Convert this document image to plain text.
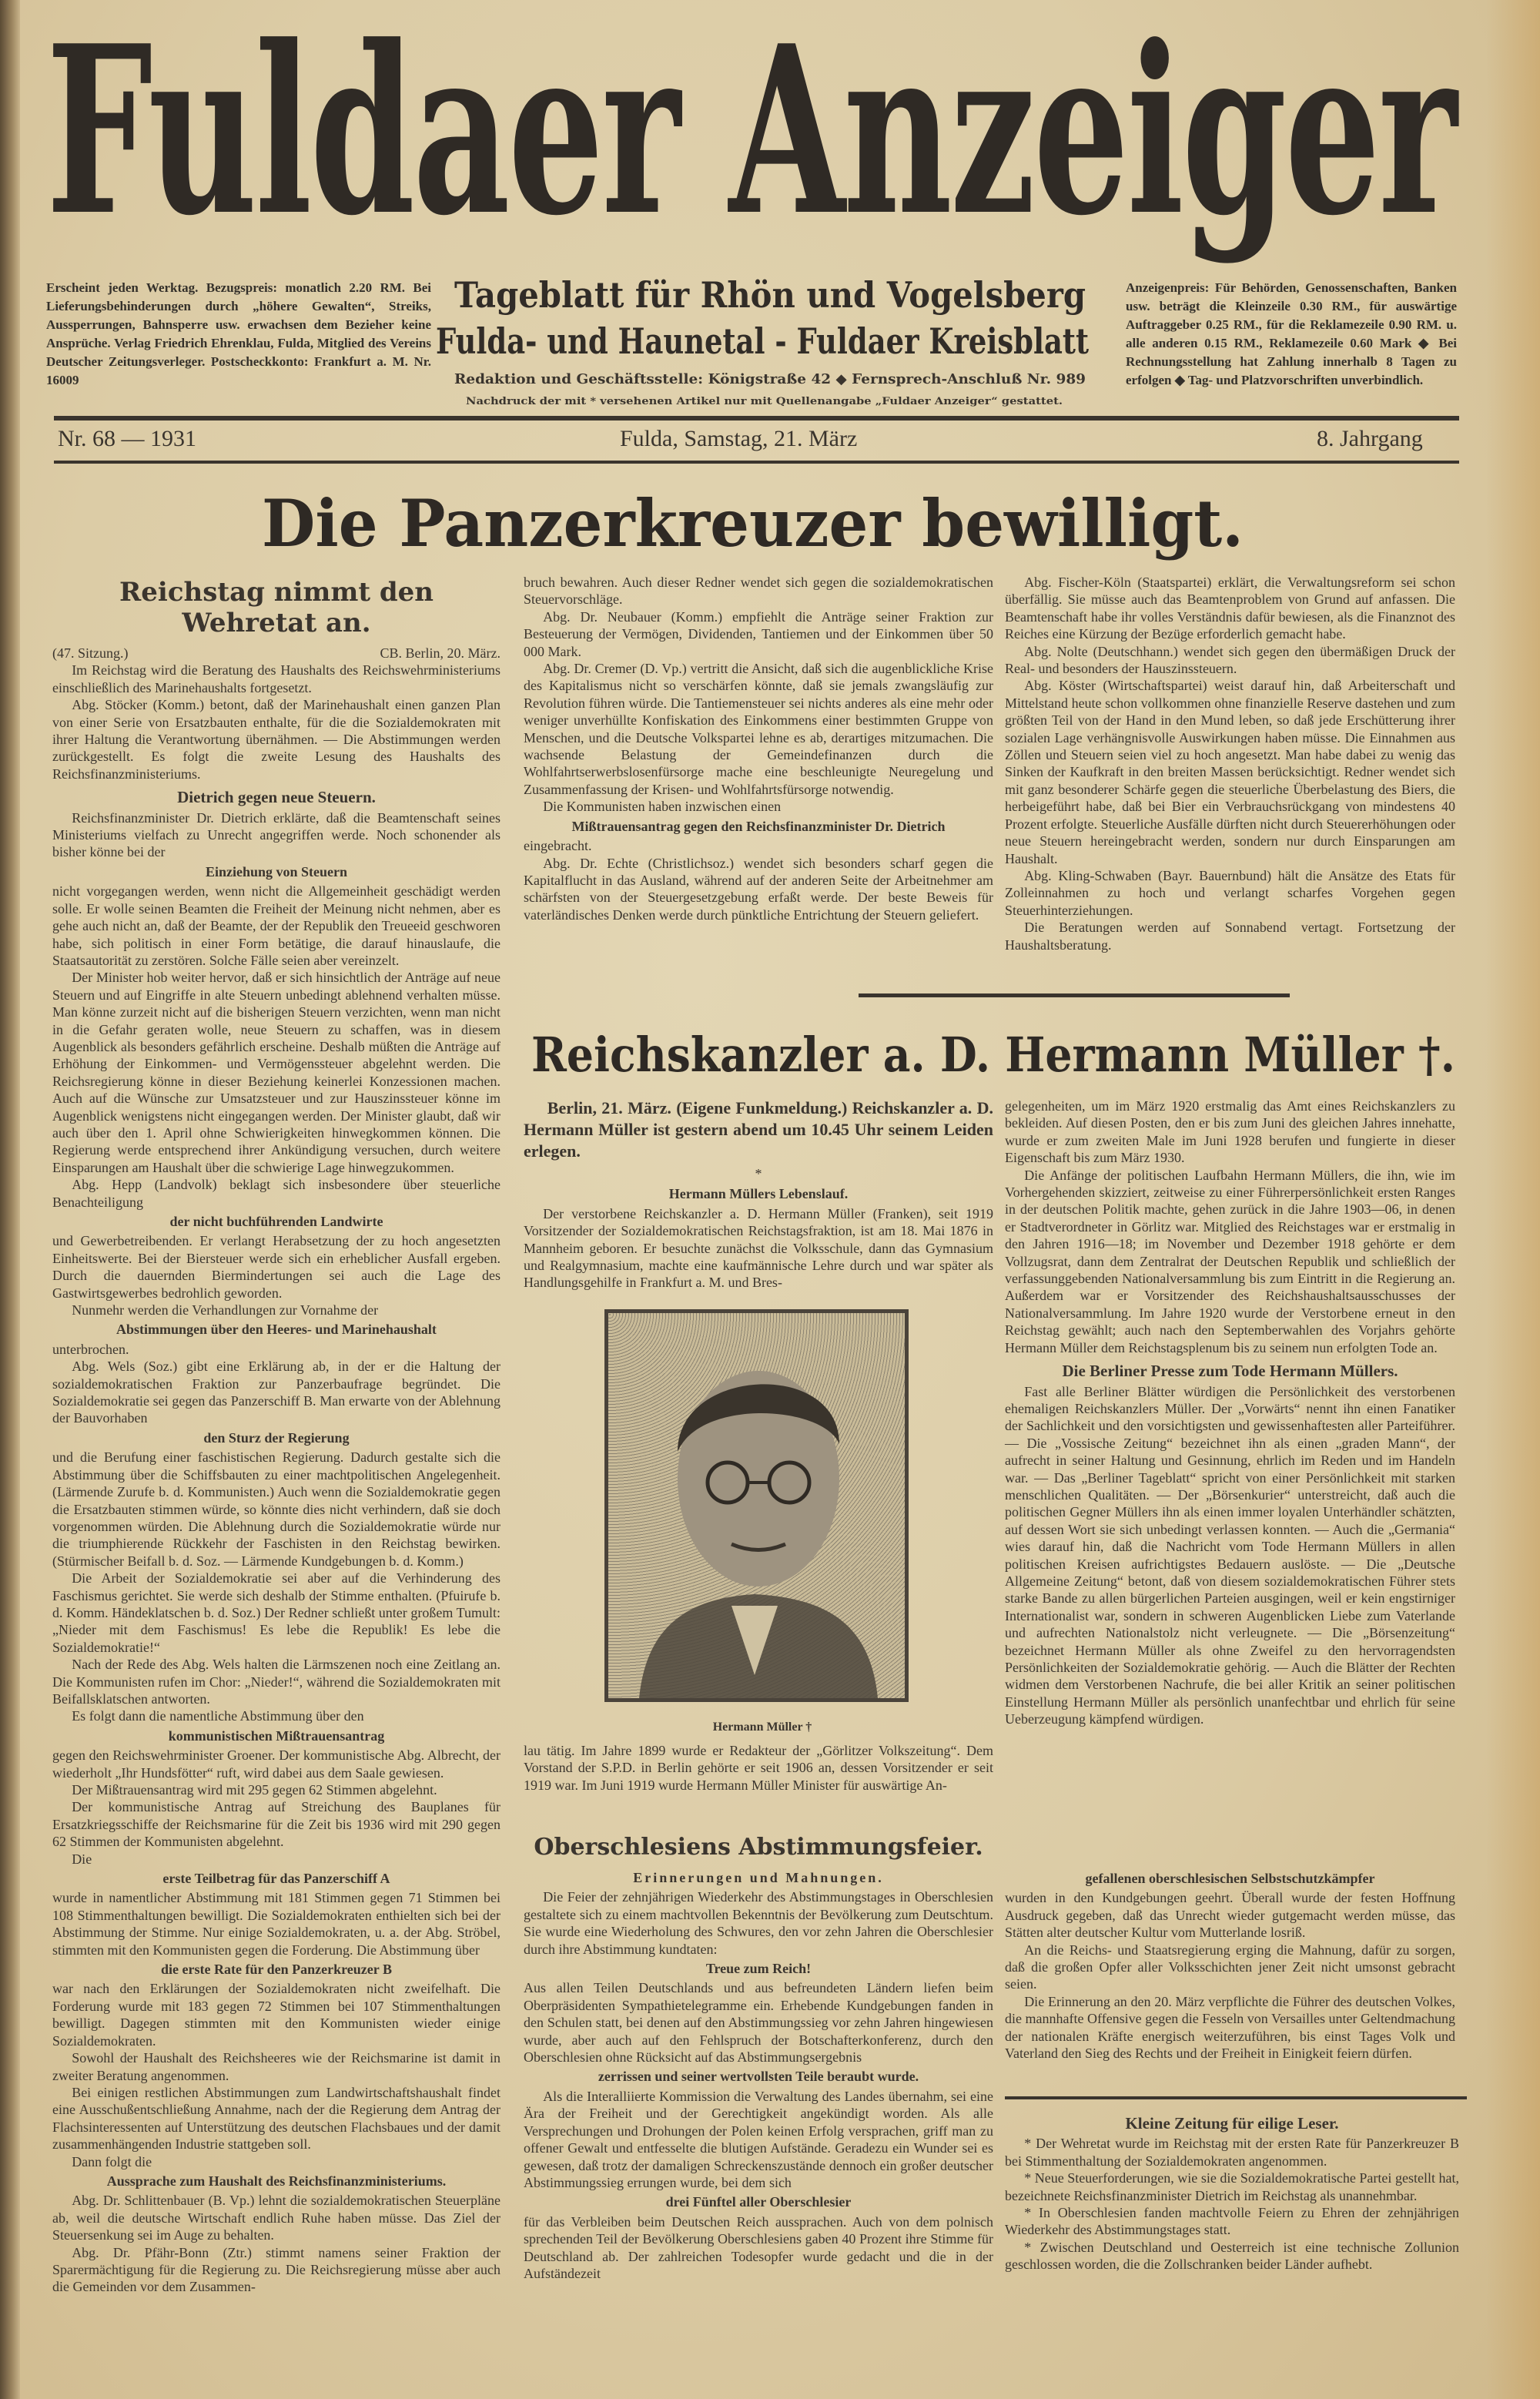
Fuldaer Anzeiger
Erscheint jeden Werktag. Bezugspreis: monatlich 2.20 RM. Bei Lieferungsbehinderungen durch „höhere Gewalten“, Streiks, Aussperrungen, Bahnsperre usw. erwachsen dem Bezieher keine Ansprüche. Verlag Friedrich Ehrenklau, Fulda, Mitglied des Vereins Deutscher Zeitungsverleger. Postscheckkonto: Frankfurt a. M. Nr. 16009
Tageblatt für Rhön und Vogelsberg
Fulda- und Haunetal - Fuldaer Kreisblatt
Redaktion und Geschäftsstelle: Königstraße 42 ◆ Fernsprech-Anschluß Nr. 989
Nachdruck der mit * versehenen Artikel nur mit Quellenangabe „Fuldaer Anzeiger“ gestattet.
Anzeigenpreis: Für Behörden, Genossenschaften, Banken usw. beträgt die Kleinzeile 0.30 RM., für auswärtige Auftraggeber 0.25 RM., für die Reklamezeile 0.90 RM. u. alle anderen 0.15 RM., Reklamezeile 0.60 Mark ◆ Bei Rechnungsstellung hat Zahlung innerhalb 8 Tagen zu erfolgen ◆ Tag- und Platzvorschriften unverbindlich.
Nr. 68 — 1931	Fulda, Samstag, 21. März	8. Jahrgang
Die Panzerkreuzer bewilligt.
Reichstag nimmt den Wehretat an.
(47. Sitzung.)	CB. Berlin, 20. März.

Im Reichstag wird die Beratung des Haushalts des Reichswehrministeriums einschließlich des Marinehaushalts fortgesetzt.

Abg. Stöcker (Komm.) betont, daß der Marinehaushalt einen ganzen Plan von einer Serie von Ersatzbauten enthalte, für die die Sozialdemokraten mit ihrer Haltung die Verantwortung übernähmen. — Die Abstimmungen werden zurückgestellt. Es folgt die zweite Lesung des Haushalts des Reichsfinanzministeriums.

Dietrich gegen neue Steuern.

Reichsfinanzminister Dr. Dietrich erklärte, daß die Beamtenschaft seines Ministeriums vielfach zu Unrecht angegriffen werde. Noch schonender als bisher könne bei der

Einziehung von Steuern

nicht vorgegangen werden, wenn nicht die Allgemeinheit geschädigt werden solle. Er wolle seinen Beamten die Freiheit der Meinung nicht nehmen, aber es gehe auch nicht an, daß der Beamte, der der Republik den Treueeid geschworen habe, sich politisch in einer Form betätige, die darauf hinauslaufe, die Staatsautorität zu zerstören. Solche Fälle seien aber vereinzelt.

Der Minister hob weiter hervor, daß er sich hinsichtlich der Anträge auf neue Steuern und auf Eingriffe in alte Steuern unbedingt ablehnend verhalten müsse. Man könne zurzeit nicht auf die bisherigen Steuern verzichten, wenn man nicht in die Gefahr geraten wolle, neue Steuern zu schaffen, was in diesem Augenblick als besonders gefährlich erscheine. Deshalb müßten die Anträge auf Erhöhung der Einkommen- und Vermögenssteuer abgelehnt werden. Die Reichsregierung könne in dieser Beziehung keinerlei Konzessionen machen. Auch auf die Wünsche zur Umsatzsteuer und zur Hauszinssteuer könne im Augenblick wenigstens nicht eingegangen werden. Der Minister glaubt, daß wir auch über den 1. April ohne Schwierigkeiten hinwegkommen können. Die Regierung werde entsprechend ihrer Ankündigung versuchen, durch weitere Einsparungen am Haushalt über die schwierige Lage hinwegzukommen.

Abg. Hepp (Landvolk) beklagt sich insbesondere über steuerliche Benachteiligung

der nicht buchführenden Landwirte

und Gewerbetreibenden. Er verlangt Herabsetzung der zu hoch angesetzten Einheitswerte. Bei der Biersteuer werde sich ein erheblicher Ausfall ergeben. Durch die dauernden Biermindertungen sei auch die Lage des Gastwirtsgewerbes bedrohlich geworden.

Nunmehr werden die Verhandlungen zur Vornahme der

Abstimmungen über den Heeres- und Marinehaushalt

unterbrochen.

Abg. Wels (Soz.) gibt eine Erklärung ab, in der er die Haltung der sozialdemokratischen Fraktion zur Panzerbaufrage begründet. Die Sozialdemokratie sei gegen das Panzerschiff B. Man erwarte von der Ablehnung der Bauvorhaben

den Sturz der Regierung

und die Berufung einer faschistischen Regierung. Dadurch gestalte sich die Abstimmung über die Schiffsbauten zu einer machtpolitischen Angelegenheit. (Lärmende Zurufe b. d. Kommunisten.) Auch wenn die Sozialdemokratie gegen die Ersatzbauten stimmen würde, so könnte dies nicht verhindern, daß sie doch vorgenommen würden. Die Ablehnung durch die Sozialdemokratie würde nur die triumphierende Rückkehr der Faschisten in den Reichstag bewirken. (Stürmischer Beifall b. d. Soz. — Lärmende Kundgebungen b. d. Komm.)

Die Arbeit der Sozialdemokratie sei aber auf die Verhinderung des Faschismus gerichtet. Sie werde sich deshalb der Stimme enthalten. (Pfuirufe b. d. Komm. Händeklatschen b. d. Soz.) Der Redner schließt unter großem Tumult: „Nieder mit dem Faschismus! Es lebe die Republik! Es lebe die Sozialdemokratie!“

Nach der Rede des Abg. Wels halten die Lärmszenen noch eine Zeitlang an. Die Kommunisten rufen im Chor: „Nieder!“, während die Sozialdemokraten mit Beifallsklatschen antworten.

Es folgt dann die namentliche Abstimmung über den

kommunistischen Mißtrauensantrag

gegen den Reichswehrminister Groener. Der kommunistische Abg. Albrecht, der wiederholt „Ihr Hundsfötter“ ruft, wird dabei aus dem Saale gewiesen.

Der Mißtrauensantrag wird mit 295 gegen 62 Stimmen abgelehnt.

Der kommunistische Antrag auf Streichung des Bauplanes für Ersatzkriegsschiffe der Reichsmarine für die Zeit bis 1936 wird mit 290 gegen 62 Stimmen der Kommunisten abgelehnt.

Die

erste Teilbetrag für das Panzerschiff A

wurde in namentlicher Abstimmung mit 181 Stimmen gegen 71 Stimmen bei 108 Stimmenthaltungen bewilligt. Die Sozialdemokraten enthielten sich bei der Abstimmung der Stimme. Nur einige Sozialdemokraten, u. a. der Abg. Ströbel, stimmten mit den Kommunisten gegen die Forderung. Die Abstimmung über

die erste Rate für den Panzerkreuzer B

war nach den Erklärungen der Sozialdemokraten nicht zweifelhaft. Die Forderung wurde mit 183 gegen 72 Stimmen bei 107 Stimmenthaltungen bewilligt. Dagegen stimmten mit den Kommunisten wieder einige Sozialdemokraten.

Sowohl der Haushalt des Reichsheeres wie der Reichsmarine ist damit in zweiter Beratung angenommen.

Bei einigen restlichen Abstimmungen zum Landwirtschaftshaushalt findet eine Ausschußentschließung Annahme, nach der die Regierung dem Antrag der Flachsinteressenten auf Unterstützung des deutschen Flachsbaues und der damit zusammenhängenden Industrie stattgeben soll.

Dann folgt die

Aussprache zum Haushalt des Reichsfinanzministeriums.

Abg. Dr. Schlittenbauer (B. Vp.) lehnt die sozialdemokratischen Steuerpläne ab, weil die deutsche Wirtschaft endlich Ruhe haben müsse. Das Ziel der Steuersenkung sei im Auge zu behalten.

Abg. Dr. Pfähr-Bonn (Ztr.) stimmt namens seiner Fraktion der Sparermächtigung für die Regierung zu. Die Reichsregierung müsse aber auch die Gemeinden vor dem Zusammen-

bruch bewahren. Auch dieser Redner wendet sich gegen die sozialdemokratischen Steuervorschläge.

Abg. Dr. Neubauer (Komm.) empfiehlt die Anträge seiner Fraktion zur Besteuerung der Vermögen, Dividenden, Tantiemen und der Einkommen über 50 000 Mark.

Abg. Dr. Cremer (D. Vp.) vertritt die Ansicht, daß sich die augenblickliche Krise des Kapitalismus nicht so verschärfen könnte, daß sie jemals zwangsläufig zur Revolution führen würde. Die Tantiemensteuer sei nichts anderes als eine mehr oder weniger unverhüllte Konfiskation des Einkommens einer bestimmten Gruppe von Menschen, und die Deutsche Volkspartei lehne es ab, derartiges mitzumachen. Die wachsende Belastung der Gemeindefinanzen durch die Wohlfahrtserwerbslosenfürsorge mache eine beschleunigte Neuregelung und Zusammenfassung der Krisen- und Wohlfahrtsfürsorge notwendig.

Die Kommunisten haben inzwischen einen

Mißtrauensantrag gegen den Reichsfinanzminister Dr. Dietrich

eingebracht.

Abg. Dr. Echte (Christlichsoz.) wendet sich besonders scharf gegen die Kapitalflucht in das Ausland, während auf der anderen Seite der Arbeitnehmer am schärfsten von der Steuergesetzgebung erfaßt werde. Der beste Beweis für vaterländisches Denken werde durch pünktliche Entrichtung der Steuern geliefert.

Abg. Fischer-Köln (Staatspartei) erklärt, die Verwaltungsreform sei schon überfällig. Sie müsse auch das Beamtenproblem von Grund auf anfassen. Die Beamtenschaft habe ihr volles Verständnis dafür bewiesen, als die Finanznot des Reiches eine Kürzung der Bezüge erforderlich gemacht habe.

Abg. Nolte (Deutschhann.) wendet sich gegen den übermäßigen Druck der Real- und besonders der Hauszinssteuern.

Abg. Köster (Wirtschaftspartei) weist darauf hin, daß Arbeiterschaft und Mittelstand heute schon vollkommen ohne finanzielle Reserve dastehen und zum größten Teil von der Hand in den Mund leben, so daß jede Erschütterung ihrer sozialen Lage verhängnisvolle Auswirkungen haben müsse. Die Einnahmen aus Zöllen und Steuern seien viel zu hoch angesetzt. Man habe dabei zu wenig das Sinken der Kaufkraft in den breiten Massen berücksichtigt. Redner wendet sich mit ganz besonderer Schärfe gegen die steuerliche Überbelastung des Biers, die herbeigeführt habe, daß bei Bier ein Verbrauchsrückgang von mindestens 40 Prozent erfolgte. Steuerliche Ausfälle dürften nicht durch Steuererhöhungen oder neue Steuern hereingebracht werden, sondern nur durch Einsparungen am Haushalt.

Abg. Kling-Schwaben (Bayr. Bauernbund) hält die Ansätze des Etats für Zolleinnahmen zu hoch und verlangt scharfes Vorgehen gegen Steuerhinterziehungen.

Die Beratungen werden auf Sonnabend vertagt. Fortsetzung der Haushaltsberatung.

Reichskanzler a. D. Hermann Müller †.

Berlin, 21. März. (Eigene Funkmeldung.) Reichskanzler a. D. Hermann Müller ist gestern abend um 10.45 Uhr seinem Leiden erlegen.

*
Hermann Müllers Lebenslauf.

Der verstorbene Reichskanzler a. D. Hermann Müller (Franken), seit 1919 Vorsitzender der Sozialdemokratischen Reichstagsfraktion, ist am 18. Mai 1876 in Mannheim geboren. Er besuchte zunächst die Volksschule, dann das Gymnasium und Realgymnasium, machte eine kaufmännische Lehre durch und war später als Handlungsgehilfe in Frankfurt a. M. und Bres-

Hermann Müller †

lau tätig. Im Jahre 1899 wurde er Redakteur der „Görlitzer Volkszeitung“. Dem Vorstand der S.P.D. in Berlin gehörte er seit 1906 an, dessen Vorsitzender er seit 1919 war. Im Juni 1919 wurde Hermann Müller Minister für auswärtige An-

gelegenheiten, um im März 1920 erstmalig das Amt eines Reichskanzlers zu bekleiden. Auf diesen Posten, den er bis zum Juni des gleichen Jahres innehatte, wurde er zum zweiten Male im Juni 1928 berufen und fungierte in dieser Eigenschaft bis zum März 1930.

Die Anfänge der politischen Laufbahn Hermann Müllers, die ihn, wie im Vorhergehenden skizziert, zeitweise zu einer Führerpersönlichkeit ersten Ranges in der deutschen Politik machte, gehen zurück in die Jahre 1903—06, in denen er Stadtverordneter in Görlitz war. Mitglied des Reichstages war er erstmalig in den Jahren 1916—18; im November und Dezember 1918 gehörte er dem Vollzugsrat, dann dem Zentralrat der Deutschen Republik und schließlich der verfassunggebenden Nationalversammlung bis zum Eintritt in die Regierung an. Außerdem war er Vorsitzender des Reichshaushaltsausschusses der Nationalversammlung. Im Jahre 1920 wurde der Verstorbene erneut in den Reichstag gewählt; auch nach den Septemberwahlen des Vorjahrs gehörte Hermann Müller dem Reichstagsplenum bis zu seinem nun erfolgten Tode an.

Die Berliner Presse zum Tode Hermann Müllers.

Fast alle Berliner Blätter würdigen die Persönlichkeit des verstorbenen ehemaligen Reichskanzlers Müller. Der „Vorwärts“ nennt ihn einen Fanatiker der Sachlichkeit und den vorsichtigsten und gewissenhaftesten aller Parteiführer. — Die „Vossische Zeitung“ bezeichnet ihn als einen „graden Mann“, der aufrecht in seiner Haltung und Gesinnung, ehrlich im Reden und im Handeln war. — Das „Berliner Tageblatt“ spricht von einer Persönlichkeit mit starken menschlichen Qualitäten. — Der „Börsenkurier“ unterstreicht, daß auch die politischen Gegner Müllers ihn als einen immer loyalen Unterhändler schätzten, auf dessen Wort sie sich unbedingt verlassen konnten. — Auch die „Germania“ wies darauf hin, daß die Nachricht vom Tode Hermann Müllers in allen politischen Kreisen aufrichtigstes Bedauern auslöste. — Die „Deutsche Allgemeine Zeitung“ betont, daß von diesem sozialdemokratischen Führer stets starke Bande zu allen bürgerlichen Parteien ausgingen, weil er kein engstirniger Internationalist war, sondern in schweren Augenblicken Liebe zum Vaterlande und aufrechten Nationalstolz nicht verleugnete. — Die „Börsenzeitung“ bezeichnet Hermann Müller als ohne Zweifel zu den hervorragendsten Persönlichkeiten der Sozialdemokratie gehörig. — Auch die Blätter der Rechten widmen dem Verstorbenen Nachrufe, die bei aller Kritik an seiner politischen Einstellung Hermann Müller als persönlich unanfechtbar und ehrlich für seine Ueberzeugung kämpfend würdigen.

Oberschlesiens Abstimmungsfeier.
Erinnerungen und Mahnungen.

Die Feier der zehnjährigen Wiederkehr des Abstimmungstages in Oberschlesien gestaltete sich zu einem machtvollen Bekenntnis der Bevölkerung zum Deutschtum. Sie wurde eine Wiederholung des Schwures, den vor zehn Jahren die Oberschlesier durch ihre Abstimmung kundtaten:

Treue zum Reich!

Aus allen Teilen Deutschlands und aus befreundeten Ländern liefen beim Oberpräsidenten Sympathietelegramme ein. Erhebende Kundgebungen fanden in den Schulen statt, bei denen auf den Abstimmungssieg vor zehn Jahren hingewiesen wurde, aber auch auf den Fehlspruch der Botschafterkonferenz, durch den Oberschlesien ohne Rücksicht auf das Abstimmungsergebnis

zerrissen und seiner wertvollsten Teile beraubt wurde.

Als die Interalliierte Kommission die Verwaltung des Landes übernahm, sei eine Ära der Freiheit und der Gerechtigkeit angekündigt worden. Als alle Versprechungen und Drohungen der Polen keinen Erfolg versprachen, griff man zu offener Gewalt und entfesselte die blutigen Aufstände. Geradezu ein Wunder sei es gewesen, daß trotz der damaligen Schreckenszustände dennoch ein großer deutscher Abstimmungssieg errungen wurde, bei dem sich

drei Fünftel aller Oberschlesier

für das Verbleiben beim Deutschen Reich aussprachen. Auch von dem polnisch sprechenden Teil der Bevölkerung Oberschlesiens gaben 40 Prozent ihre Stimme für Deutschland ab. Der zahlreichen Todesopfer wurde gedacht und die in der Aufständezeit

gefallenen oberschlesischen Selbstschutzkämpfer

wurden in den Kundgebungen geehrt. Überall wurde der festen Hoffnung Ausdruck gegeben, daß das Unrecht wieder gutgemacht werden müsse, das Stätten alter deutscher Kultur vom Mutterlande losriß.

An die Reichs- und Staatsregierung erging die Mahnung, dafür zu sorgen, daß die großen Opfer aller Volksschichten jener Zeit nicht umsonst gebracht seien.

Die Erinnerung an den 20. März verpflichte die Führer des deutschen Volkes, die mannhafte Offensive gegen die Fesseln von Versailles unter Geltendmachung der nationalen Kräfte energisch weiterzuführen, bis einst Tages Volk und Vaterland den Sieg des Rechts und der Freiheit in Einigkeit feiern dürfen.

Kleine Zeitung für eilige Leser.

* Der Wehretat wurde im Reichstag mit der ersten Rate für Panzerkreuzer B bei Stimmenthaltung der Sozialdemokraten angenommen.

* Neue Steuerforderungen, wie sie die Sozialdemokratische Partei gestellt hat, bezeichnete Reichsfinanzminister Dietrich im Reichstag als unannehmbar.

* In Oberschlesien fanden machtvolle Feiern zu Ehren der zehnjährigen Wiederkehr des Abstimmungstages statt.

* Zwischen Deutschland und Oesterreich ist eine technische Zollunion geschlossen worden, die die Zollschranken beider Länder aufhebt.
